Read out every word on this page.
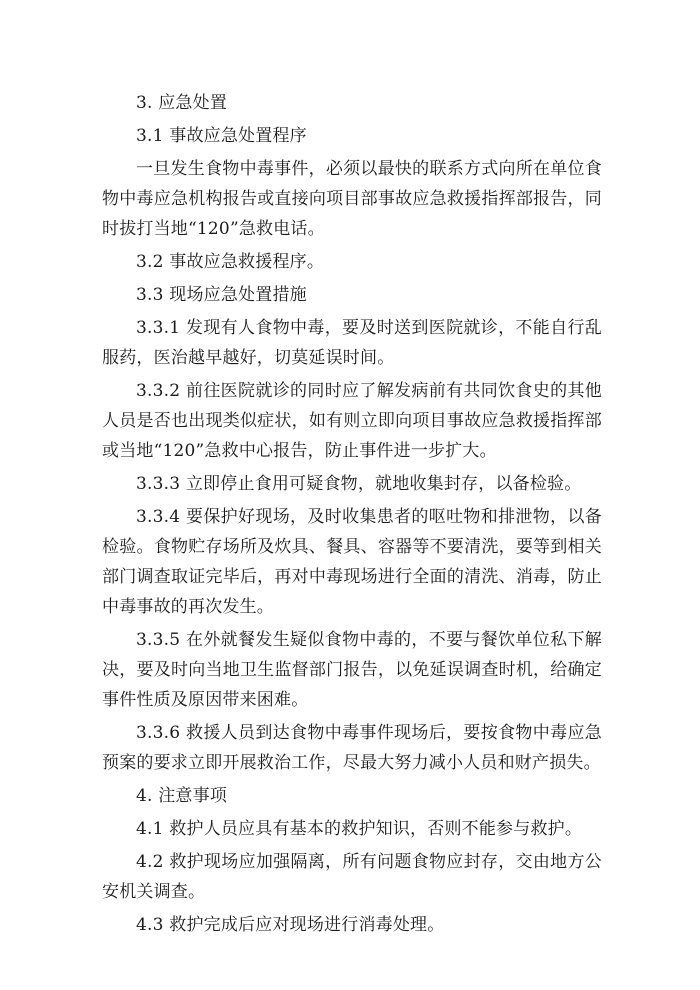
3. 应急处置

3.1 事故应急处置程序

一旦发生食物中毒事件，必须以最快的联系方式向所在单位食物中毒应急机构报告或直接向项目部事故应急救援指挥部报告，同时拔打当地“120”急救电话。

3.2 事故应急救援程序。

3.3 现场应急处置措施

3.3.1 发现有人食物中毒，要及时送到医院就诊，不能自行乱服药，医治越早越好，切莫延误时间。

3.3.2 前往医院就诊的同时应了解发病前有共同饮食史的其他人员是否也出现类似症状，如有则立即向项目事故应急救援指挥部或当地“120”急救中心报告，防止事件进一步扩大。

3.3.3 立即停止食用可疑食物，就地收集封存，以备检验。

3.3.4 要保护好现场，及时收集患者的呕吐物和排泄物，以备检验。食物贮存场所及炊具、餐具、容器等不要清洗，要等到相关部门调查取证完毕后，再对中毒现场进行全面的清洗、消毒，防止中毒事故的再次发生。

3.3.5 在外就餐发生疑似食物中毒的，不要与餐饮单位私下解决，要及时向当地卫生监督部门报告，以免延误调查时机，给确定事件性质及原因带来困难。

3.3.6 救援人员到达食物中毒事件现场后，要按食物中毒应急预案的要求立即开展救治工作，尽最大努力减小人员和财产损失。

4. 注意事项

4.1 救护人员应具有基本的救护知识，否则不能参与救护。

4.2 救护现场应加强隔离，所有问题食物应封存，交由地方公安机关调查。

4.3 救护完成后应对现场进行消毒处理。
